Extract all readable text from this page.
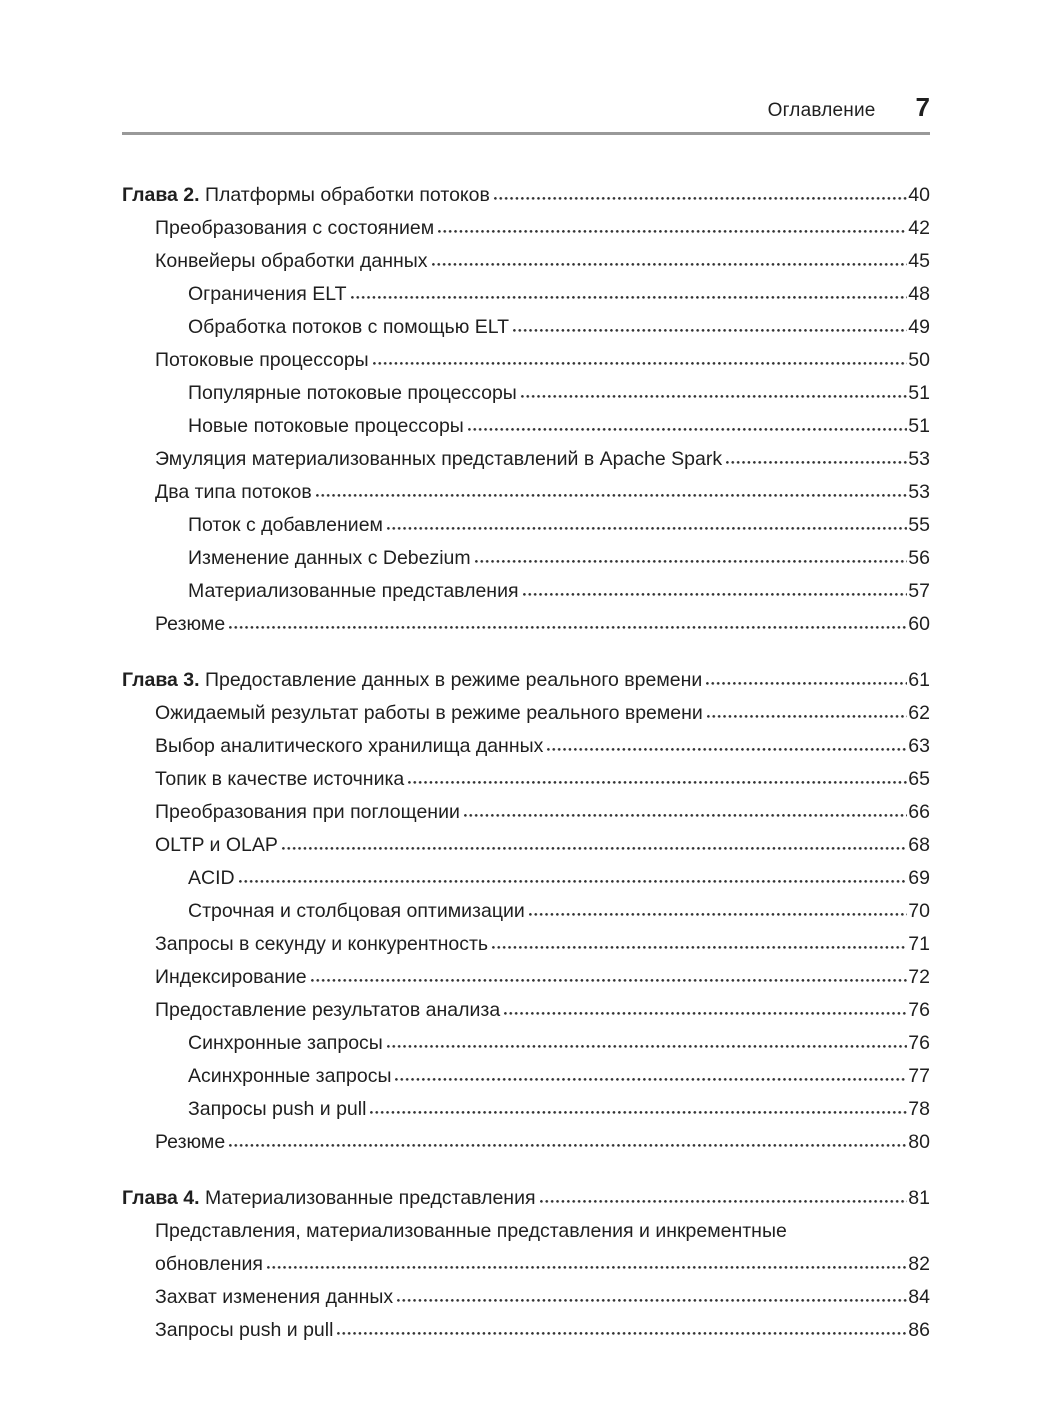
Оглавление 7
Глава 2. Платформы обработки потоков	40
Преобразования с состоянием	42
Конвейеры обработки данных	45
Ограничения ELT	48
Обработка потоков с помощью ELT	49
Потоковые процессоры	50
Популярные потоковые процессоры	51
Новые потоковые процессоры	51
Эмуляция материализованных представлений в Apache Spark	53
Два типа потоков	53
Поток с добавлением	55
Изменение данных с Debezium	56
Материализованные представления	57
Резюме	60
Глава 3. Предоставление данных в режиме реального времени	61
Ожидаемый результат работы в режиме реального времени	62
Выбор аналитического хранилища данных	63
Топик в качестве источника	65
Преобразования при поглощении	66
OLTP и OLAP	68
ACID	69
Строчная и столбцовая оптимизации	70
Запросы в секунду и конкурентность	71
Индексирование	72
Предоставление результатов анализа	76
Синхронные запросы	76
Асинхронные запросы	77
Запросы push и pull	78
Резюме	80
Глава 4. Материализованные представления	81
Представления, материализованные представления и инкрементные
обновления	82
Захват изменения данных	84
Запросы push и pull	86
